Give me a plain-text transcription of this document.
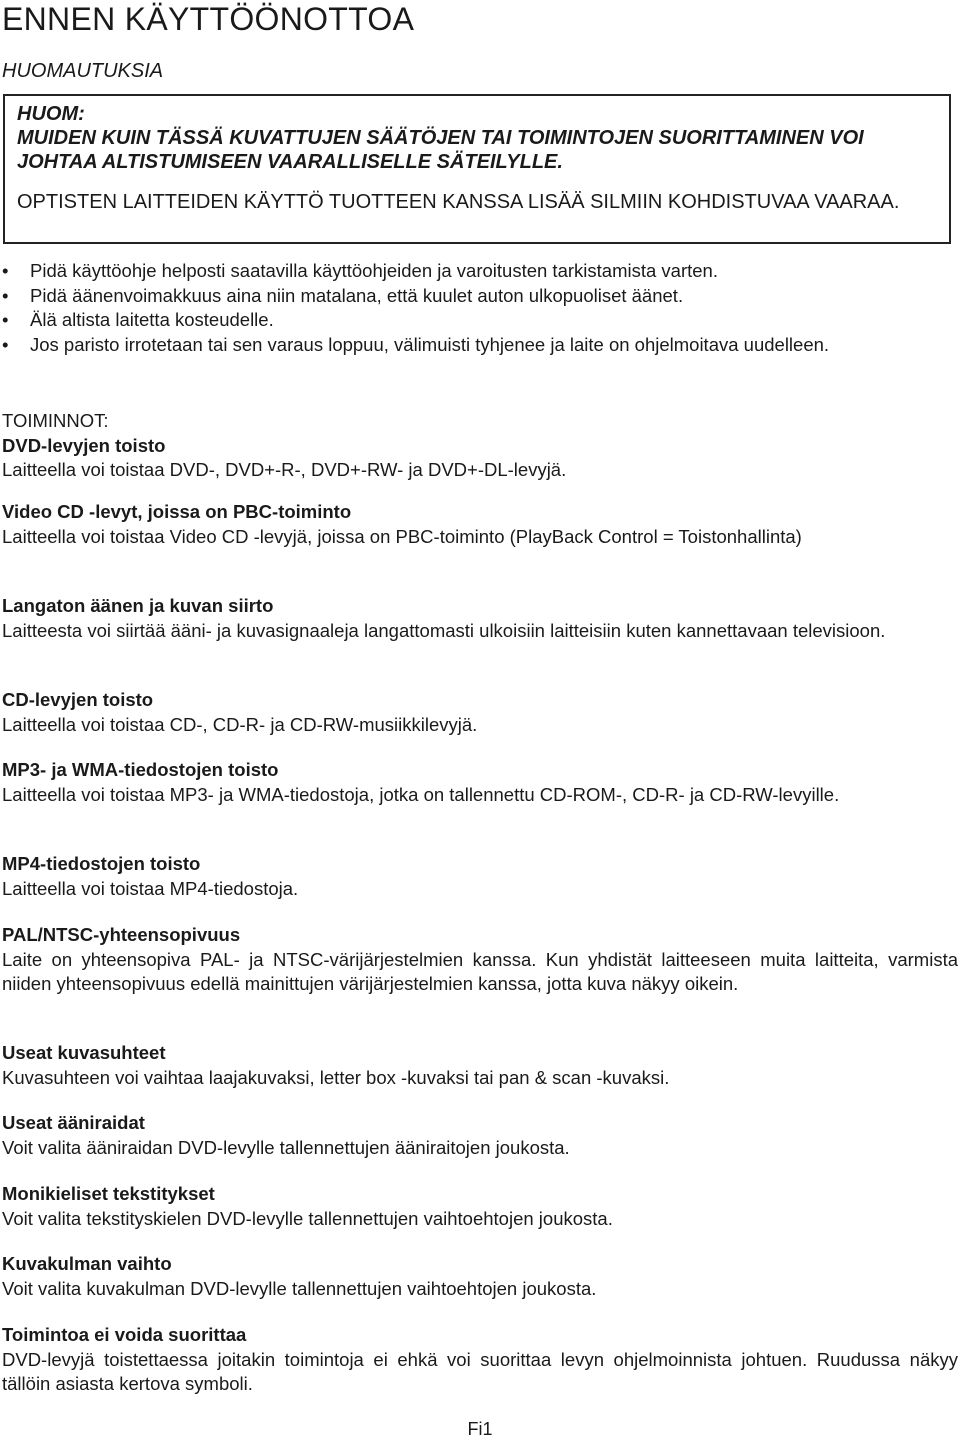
ENNEN KÄYTTÖÖNOTTOA
HUOMAUTUKSIA
HUOM:
MUIDEN KUIN TÄSSÄ KUVATTUJEN SÄÄTÖJEN TAI TOIMINTOJEN SUORITTAMINEN VOI JOHTAA ALTISTUMISEEN VAARALLISELLE SÄTEILYLLE.
OPTISTEN LAITTEIDEN KÄYTTÖ TUOTTEEN KANSSA LISÄÄ SILMIIN KOHDISTUVAA VAARAA.
• Pidä käyttöohje helposti saatavilla käyttöohjeiden ja varoitusten tarkistamista varten.
• Pidä äänenvoimakkuus aina niin matalana, että kuulet auton ulkopuoliset äänet.
• Älä altista laitetta kosteudelle.
• Jos paristo irrotetaan tai sen varaus loppuu, välimuisti tyhjenee ja laite on ohjelmoitava uudelleen.
TOIMINNOT:
DVD-levyjen toisto
Laitteella voi toistaa DVD-, DVD+-R-, DVD+-RW- ja DVD+-DL-levyjä.
Video CD -levyt, joissa on PBC-toiminto
Laitteella voi toistaa Video CD -levyjä, joissa on PBC-toiminto (PlayBack Control = Toistonhallinta)
Langaton äänen ja kuvan siirto
Laitteesta voi siirtää ääni- ja kuvasignaaleja langattomasti ulkoisiin laitteisiin kuten kannettavaan televisioon.
CD-levyjen toisto
Laitteella voi toistaa CD-, CD-R- ja CD-RW-musiikkilevyjä.
MP3- ja WMA-tiedostojen toisto
Laitteella voi toistaa MP3- ja WMA-tiedostoja, jotka on tallennettu CD-ROM-, CD-R- ja CD-RW-levyille.
MP4-tiedostojen toisto
Laitteella voi toistaa MP4-tiedostoja.
PAL/NTSC-yhteensopivuus
Laite on yhteensopiva PAL- ja NTSC-värijärjestelmien kanssa. Kun yhdistät laitteeseen muita laitteita, varmista niiden yhteensopivuus edellä mainittujen värijärjestelmien kanssa, jotta kuva näkyy oikein.
Useat kuvasuhteet
Kuvasuhteen voi vaihtaa laajakuvaksi, letter box -kuvaksi tai pan & scan -kuvaksi.
Useat ääniraidat
Voit valita ääniraidan DVD-levylle tallennettujen ääniraitojen joukosta.
Monikieliset tekstitykset
Voit valita tekstityskielen DVD-levylle tallennettujen vaihtoehtojen joukosta.
Kuvakulman vaihto
Voit valita kuvakulman DVD-levylle tallennettujen vaihtoehtojen joukosta.
Toimintoa ei voida suorittaa
DVD-levyjä toistettaessa joitakin toimintoja ei ehkä voi suorittaa levyn ohjelmoinnista johtuen. Ruudussa näkyy tällöin asiasta kertova symboli.
Fi1
